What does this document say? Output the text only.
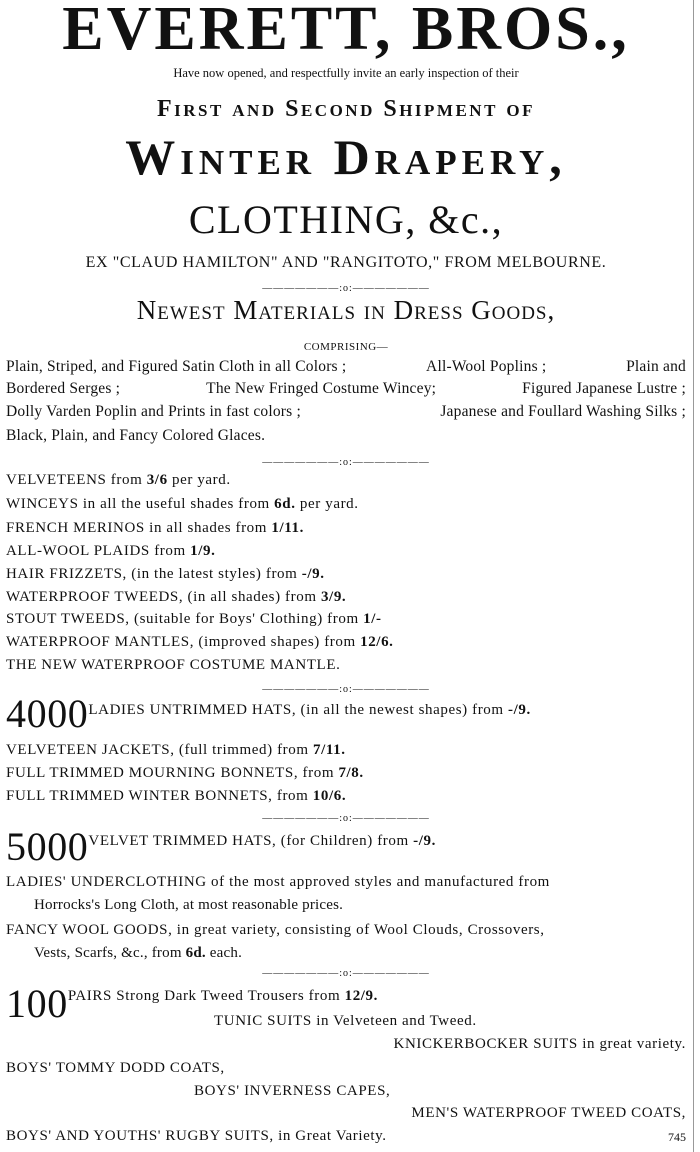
EVERETT, BROS.,
Have now opened, and respectfully invite an early inspection of their
First and Second Shipment of
Winter Drapery,
CLOTHING, &c.,
EX "CLAUD HAMILTON" AND "RANGITOTO," FROM MELBOURNE.
———————:o:———————
Newest Materials in Dress Goods,
COMPRISING—
Plain, Striped, and Figured Satin Cloth in all Colors ;	All-Wool Poplins ;	Plain and
Bordered Serges ;	The New Fringed Costume Wincey;	Figured Japanese Lustre ;
Dolly Varden Poplin and Prints in fast colors ;	Japanese and Foullard Washing Silks ;
Black, Plain, and Fancy Colored Glaces.
———————:o:———————
VELVETEENS from 3/6 per yard.
WINCEYS in all the useful shades from 6d. per yard.
FRENCH MERINOS in all shades from 1/11.
ALL-WOOL PLAIDS from 1/9.
HAIR FRIZZETS, (in the latest styles) from -/9.
WATERPROOF TWEEDS, (in all shades) from 3/9.
STOUT TWEEDS, (suitable for Boys' Clothing) from 1/-
WATERPROOF MANTLES, (improved shapes) from 12/6.
THE NEW WATERPROOF COSTUME MANTLE.
———————:o:———————
4000LADIES UNTRIMMED HATS, (in all the newest shapes) from -/9.
VELVETEEN JACKETS, (full trimmed) from 7/11.
FULL TRIMMED MOURNING BONNETS, from 7/8.
FULL TRIMMED WINTER BONNETS, from 10/6.
———————:o:———————
5000VELVET TRIMMED HATS, (for Children) from -/9.
LADIES' UNDERCLOTHING of the most approved styles and manufactured from
Horrocks's Long Cloth, at most reasonable prices.
FANCY WOOL GOODS, in great variety, consisting of Wool Clouds, Crossovers,
Vests, Scarfs, &c., from 6d. each.
———————:o:———————
100PAIRS Strong Dark Tweed Trousers from 12/9.
TUNIC SUITS in Velveteen and Tweed.
KNICKERBOCKER SUITS in great variety.
BOYS' TOMMY DODD COATS,
BOYS' INVERNESS CAPES,
MEN'S WATERPROOF TWEED COATS,
BOYS' AND YOUTHS' RUGBY SUITS, in Great Variety.	745
